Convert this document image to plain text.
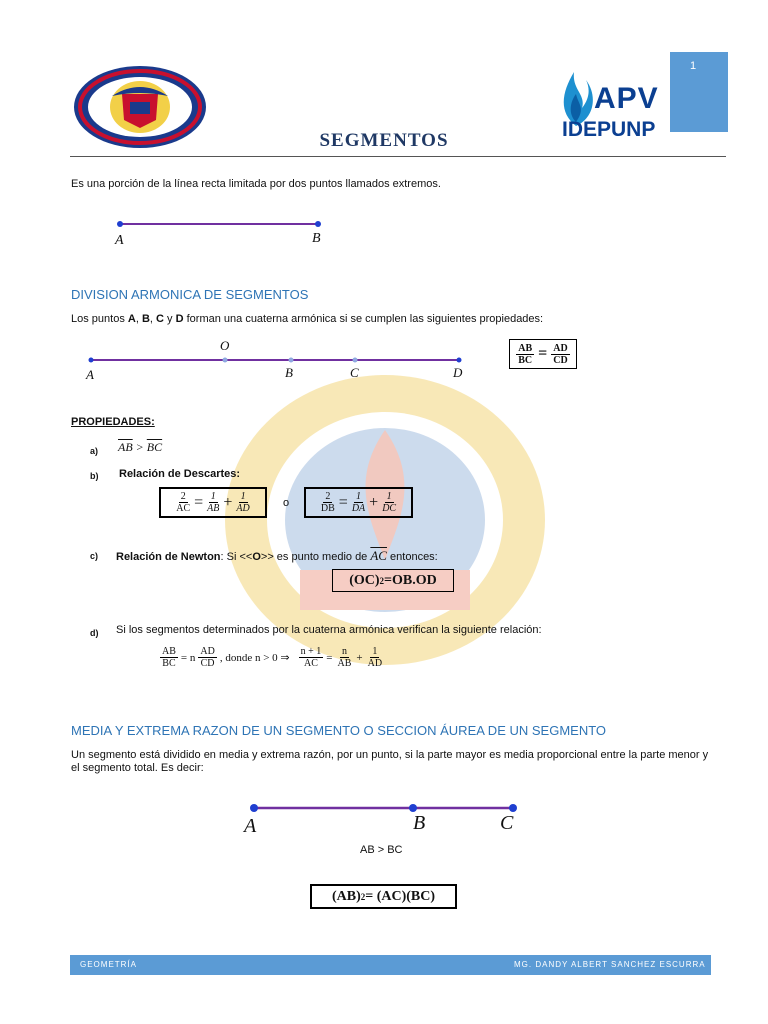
1
APV
IDEPUNP
SEGMENTOS
Es una porción de la línea recta limitada por dos puntos llamados extremos.
A	B
DIVISION ARMONICA DE SEGMENTOS
Los puntos A, B, C y D forman una cuaterna armónica si se cumplen las siguientes propiedades:
O
A	B	C	D
$\frac{AB}{BC} = \frac{AD}{CD}$
PROPIEDADES:
a) $\overline{AB} > \overline{BC}$
b) Relación de Descartes:
$\frac{2}{AC} = \frac{1}{AB} + \frac{1}{AD}$	o	$\frac{2}{DB} = \frac{1}{DA} + \frac{1}{DC}$
c) Relación de Newton: Si <<O>> es punto medio de $\overline{AC}$ entonces:
(OC) 2 =OB.OD
d) Si los segmentos determinados por la cuaterna armónica verifican la siguiente relación:
$\frac{AB}{BC} = n \frac{AD}{CD}$ , donde n > 0 ⇒ $\frac{n + 1}{AC} = \frac{n}{AB} + \frac{1}{AD}$
MEDIA Y EXTREMA RAZON DE UN SEGMENTO O SECCION ÁUREA DE UN SEGMENTO
Un segmento está dividido en media y extrema razón, por un punto, si la parte mayor es media proporcional entre la parte menor y el segmento total. Es decir:
A	B	C
AB > BC
(AB) 2 = (AC)(BC)
GEOMETRÍA	MG. DANDY ALBERT SANCHEZ ESCURRA
